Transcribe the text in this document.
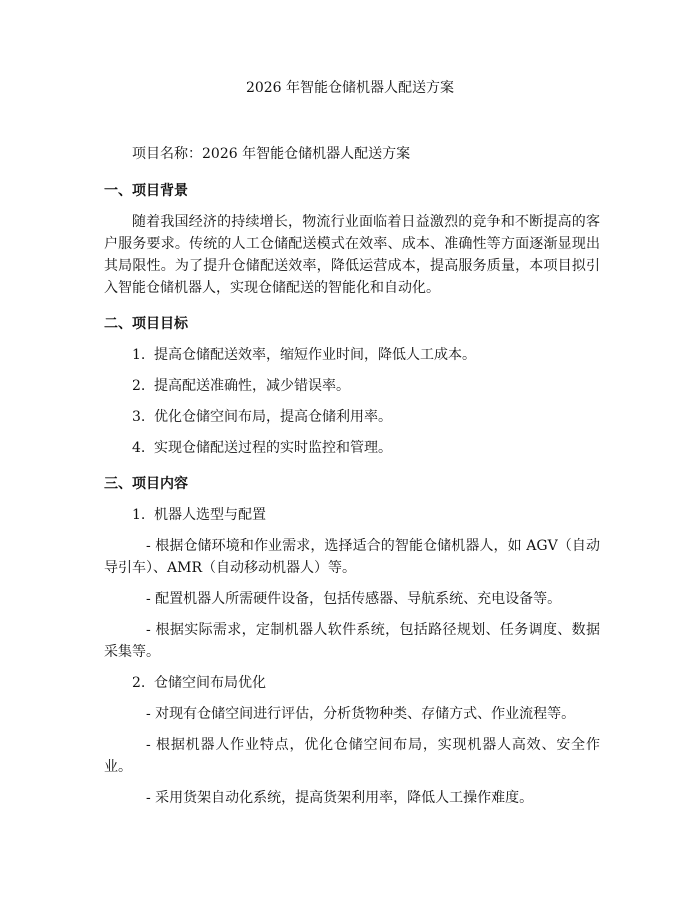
2026 年智能仓储机器人配送方案

项目名称：2026 年智能仓储机器人配送方案

一、项目背景

随着我国经济的持续增长，物流行业面临着日益激烈的竞争和不断提高的客户服务要求。传统的人工仓储配送模式在效率、成本、准确性等方面逐渐显现出其局限性。为了提升仓储配送效率，降低运营成本，提高服务质量，本项目拟引入智能仓储机器人，实现仓储配送的智能化和自动化。

二、项目目标
1. 提高仓储配送效率，缩短作业时间，降低人工成本。
2. 提高配送准确性，减少错误率。
3. 优化仓储空间布局，提高仓储利用率。
4. 实现仓储配送过程的实时监控和管理。
三、项目内容
1. 机器人选型与配置

- 根据仓储环境和作业需求，选择适合的智能仓储机器人，如 AGV（自动导引车）、AMR（自动移动机器人）等。

- 配置机器人所需硬件设备，包括传感器、导航系统、充电设备等。

- 根据实际需求，定制机器人软件系统，包括路径规划、任务调度、数据采集等。

2. 仓储空间布局优化

- 对现有仓储空间进行评估，分析货物种类、存储方式、作业流程等。

- 根据机器人作业特点，优化仓储空间布局，实现机器人高效、安全作业。

- 采用货架自动化系统，提高货架利用率，降低人工操作难度。
